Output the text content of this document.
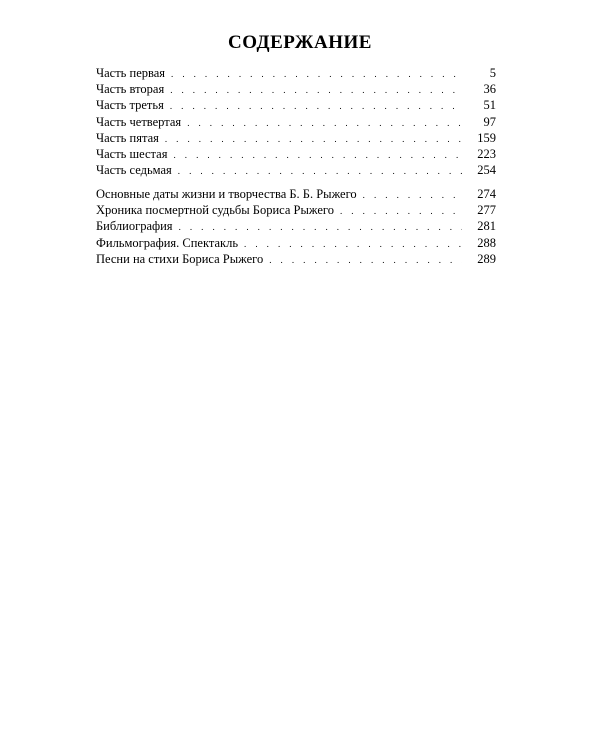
СОДЕРЖАНИЕ
Часть первая . . .	5
Часть вторая . . .	36
Часть третья . . .	51
Часть четвертая . . .	97
Часть пятая . . .	159
Часть шестая . . .	223
Часть седьмая . . .	254
Основные даты жизни и творчества Б. Б. Рыжего . . .	274
Хроника посмертной судьбы Бориса Рыжего . . .	277
Библиография . . .	281
Фильмография. Спектакль . . .	288
Песни на стихи Бориса Рыжего . . .	289
